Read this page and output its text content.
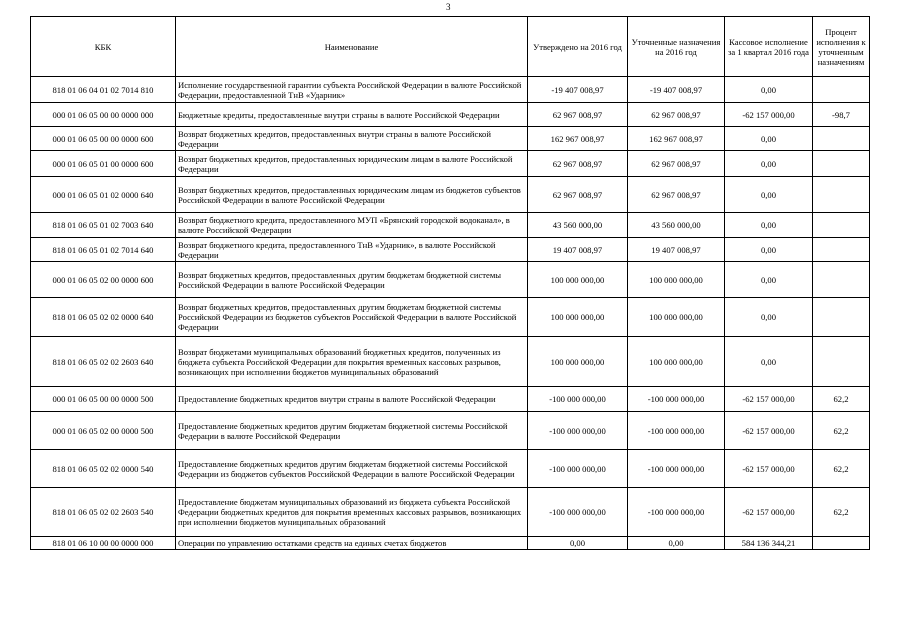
3
КБК	Наименование	Утверждено на 2016 год	Уточненные назначения на 2016 год	Кассовое исполнение за 1 квартал 2016 года	Процент исполнения к уточненным назначениям
818 01 06 04 01 02 7014 810	Исполнение государственной гарантии субъекта Российской Федерации в валюте Российской Федерации, предоставленной ТнВ «Ударник»	-19 407 008,97	-19 407 008,97	0,00	
000 01 06 05 00 00 0000 000	Бюджетные кредиты, предоставленные внутри страны в валюте Российской Федерации	62 967 008,97	62 967 008,97	-62 157 000,00	-98,7
000 01 06 05 00 00 0000 600	Возврат бюджетных кредитов, предоставленных внутри страны в валюте Российской Федерации	162 967 008,97	162 967 008,97	0,00	
000 01 06 05 01 00 0000 600	Возврат бюджетных кредитов, предоставленных юридическим лицам в валюте Российской Федерации	62 967 008,97	62 967 008,97	0,00	
000 01 06 05 01 02 0000 640	Возврат бюджетных кредитов, предоставленных юридическим лицам из бюджетов субъектов Российской Федерации в валюте Российской Федерации	62 967 008,97	62 967 008,97	0,00	
818 01 06 05 01 02 7003 640	Возврат бюджетного кредита, предоставленного МУП «Брянский городской водоканал», в валюте Российской Федерации	43 560 000,00	43 560 000,00	0,00	
818 01 06 05 01 02 7014 640	Возврат бюджетного кредита, предоставленного ТнВ «Ударник», в валюте Российской Федерации	19 407 008,97	19 407 008,97	0,00	
000 01 06 05 02 00 0000 600	Возврат бюджетных кредитов, предоставленных другим бюджетам бюджетной системы Российской Федерации в валюте Российской Федерации	100 000 000,00	100 000 000,00	0,00	
818 01 06 05 02 02 0000 640	Возврат бюджетных кредитов, предоставленных другим бюджетам бюджетной системы Российской Федерации из бюджетов субъектов Российской Федерации в валюте Российской Федерации	100 000 000,00	100 000 000,00	0,00	
818 01 06 05 02 02 2603 640	Возврат бюджетами муниципальных образований бюджетных кредитов, полученных из бюджета субъекта Российской Федерации для покрытия временных кассовых разрывов, возникающих при исполнении бюджетов муниципальных образований	100 000 000,00	100 000 000,00	0,00	
000 01 06 05 00 00 0000 500	Предоставление бюджетных кредитов внутри страны в валюте Российской Федерации	-100 000 000,00	-100 000 000,00	-62 157 000,00	62,2
000 01 06 05 02 00 0000 500	Предоставление бюджетных кредитов другим бюджетам бюджетной системы Российской Федерации в валюте Российской Федерации	-100 000 000,00	-100 000 000,00	-62 157 000,00	62,2
818 01 06 05 02 02 0000 540	Предоставление бюджетных кредитов другим бюджетам бюджетной системы Российской Федерации из бюджетов субъектов Российской Федерации в валюте Российской Федерации	-100 000 000,00	-100 000 000,00	-62 157 000,00	62,2
818 01 06 05 02 02 2603 540	Предоставление бюджетам муниципальных образований из бюджета субъекта Российской Федерации бюджетных кредитов для покрытия временных кассовых разрывов, возникающих при исполнении бюджетов муниципальных образований	-100 000 000,00	-100 000 000,00	-62 157 000,00	62,2
818 01 06 10 00 00 0000 000	Операции по управлению остатками средств на единых счетах бюджетов	0,00	0,00	584 136 344,21	
